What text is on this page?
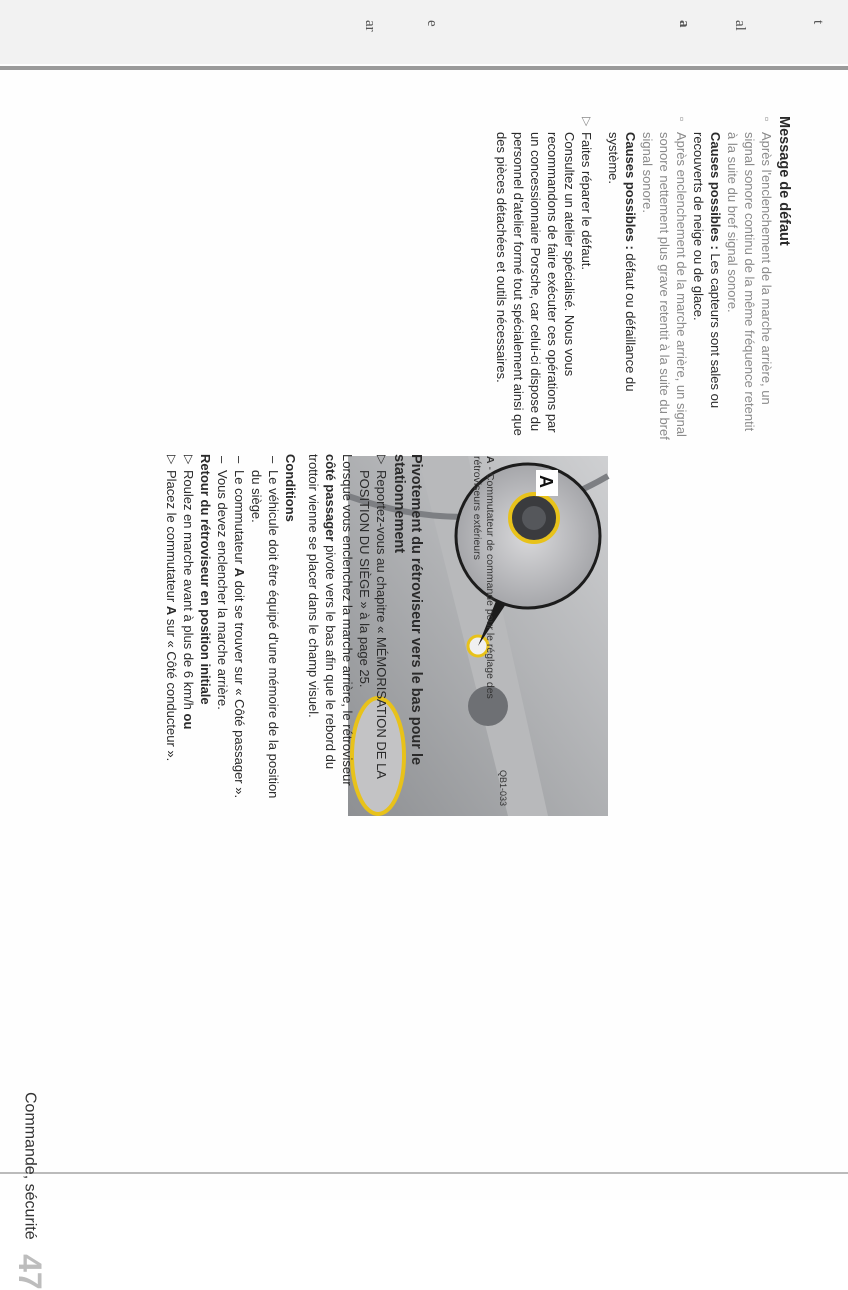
t
al
a
e
ar
Message de défaut

▫
Après l'enclenchement de la marche arrière, un signal sonore continu de la même fréquence retentit à la suite du bref signal sonore.

Causes possibles : Les capteurs sont sales ou recouverts de neige ou de glace.

▫
Après enclenchement de la marche arrière, un signal sonore nettement plus grave retentit à la suite du bref signal sonore.

Causes possibles : défaut ou défaillance du système.

▷
Faites réparer le défaut.

Consultez un atelier spécialisé. Nous vous recommandons de faire exécuter ces opérations par un concessionnaire Porsche, car celui-ci dispose du personnel d'atelier formé tout spécialement ainsi que des pièces détachées et outils nécessaires.

A
QB1-033
A - Commutateur de commande pour le réglage des rétroviseurs extérieurs
Pivotement du rétroviseur vers le bas pour le stationnement

▷
Reportez-vous au chapitre « MÉMORISATION DE LA POSITION DU SIÈGE » à la page 25.

Lorsque vous enclenchez la marche arrière, le rétroviseur côté passager pivote vers le bas afin que le rebord du trottoir vienne se placer dans le champ visuel.

Conditions

–
Le véhicule doit être équipé d'une mémoire de la position du siège.

–
Le commutateur A doit se trouver sur « Côté passager ».

–
Vous devez enclencher la marche arrière.

Retour du rétroviseur en position initiale

▷
Roulez en marche avant à plus de 6 km/h ou

▷
Placez le commutateur A sur « Côté conducteur ».

Commande, sécurité 47
